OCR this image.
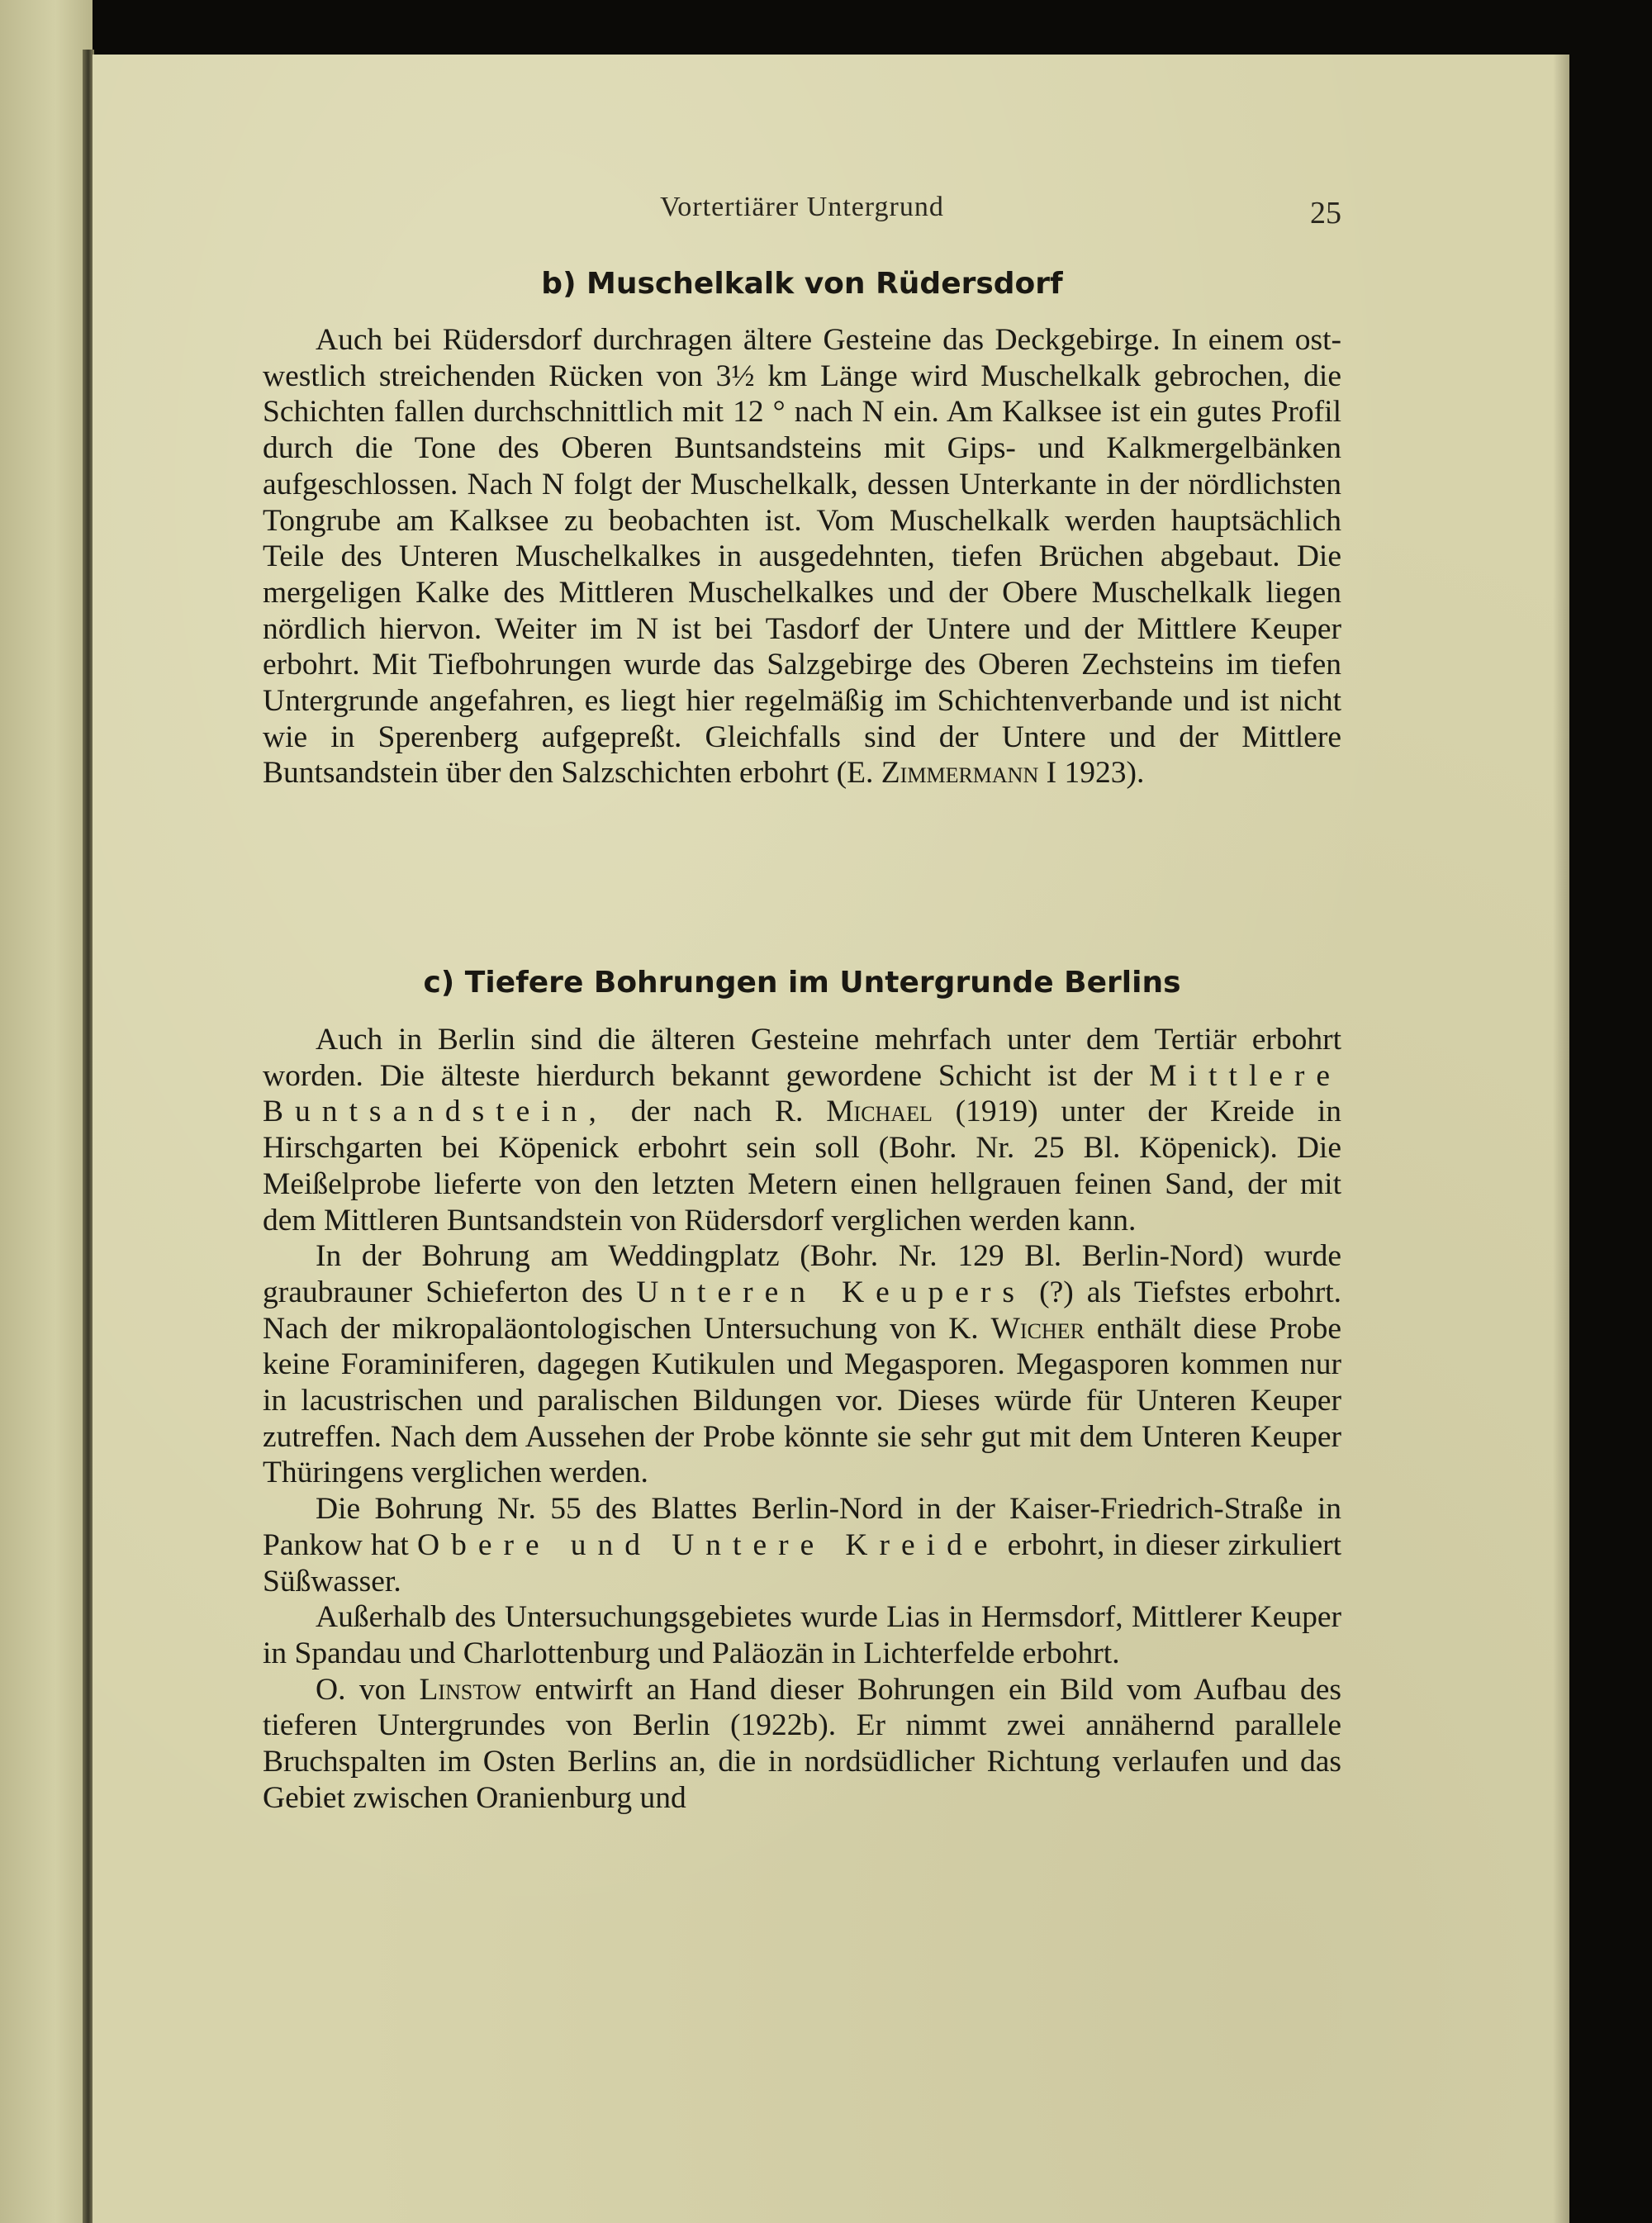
Vortertiärer Untergrund	25
b) Muschelkalk von Rüdersdorf

Auch bei Rüdersdorf durchragen ältere Gesteine das Deckgebirge. In einem ost-westlich streichenden Rücken von 3½ km Länge wird Muschelkalk gebrochen, die Schichten fallen durchschnittlich mit 12 ° nach N ein. Am Kalksee ist ein gutes Profil durch die Tone des Oberen Buntsandsteins mit Gips- und Kalkmergelbänken aufgeschlossen. Nach N folgt der Muschelkalk, dessen Unterkante in der nördlichsten Tongrube am Kalksee zu beobachten ist. Vom Muschelkalk werden hauptsächlich Teile des Unteren Muschelkalkes in ausgedehnten, tiefen Brüchen abgebaut. Die mergeligen Kalke des Mittleren Muschelkalkes und der Obere Muschelkalk liegen nördlich hiervon. Weiter im N ist bei Tasdorf der Untere und der Mittlere Keuper erbohrt. Mit Tiefbohrungen wurde das Salzgebirge des Oberen Zechsteins im tiefen Untergrunde angefahren, es liegt hier regelmäßig im Schichtenverbande und ist nicht wie in Sperenberg aufgepreßt. Gleichfalls sind der Untere und der Mittlere Buntsandstein über den Salzschichten erbohrt (E. Zimmermann I 1923).

c) Tiefere Bohrungen im Untergrunde Berlins

Auch in Berlin sind die älteren Gesteine mehrfach unter dem Tertiär erbohrt worden. Die älteste hierdurch bekannt gewordene Schicht ist der Mittlere Buntsandstein, der nach R. Michael (1919) unter der Kreide in Hirschgarten bei Köpenick erbohrt sein soll (Bohr. Nr. 25 Bl. Köpenick). Die Meißelprobe lieferte von den letzten Metern einen hellgrauen feinen Sand, der mit dem Mittleren Buntsandstein von Rüdersdorf verglichen werden kann.

In der Bohrung am Weddingplatz (Bohr. Nr. 129 Bl. Berlin-Nord) wurde graubrauner Schieferton des Unteren Keupers (?) als Tiefstes erbohrt. Nach der mikropaläontologischen Untersuchung von K. Wicher enthält diese Probe keine Foraminiferen, dagegen Kutikulen und Megasporen. Megasporen kommen nur in lacustrischen und paralischen Bildungen vor. Dieses würde für Unteren Keuper zutreffen. Nach dem Aussehen der Probe könnte sie sehr gut mit dem Unteren Keuper Thüringens verglichen werden.

Die Bohrung Nr. 55 des Blattes Berlin-Nord in der Kaiser-Friedrich-Straße in Pankow hat Obere und Untere Kreide erbohrt, in dieser zirkuliert Süßwasser.

Außerhalb des Untersuchungsgebietes wurde Lias in Hermsdorf, Mittlerer Keuper in Spandau und Charlottenburg und Paläozän in Lichterfelde erbohrt.

O. von Linstow entwirft an Hand dieser Bohrungen ein Bild vom Aufbau des tieferen Untergrundes von Berlin (1922b). Er nimmt zwei annähernd parallele Bruchspalten im Osten Berlins an, die in nordsüdlicher Richtung verlaufen und das Gebiet zwischen Oranienburg und
